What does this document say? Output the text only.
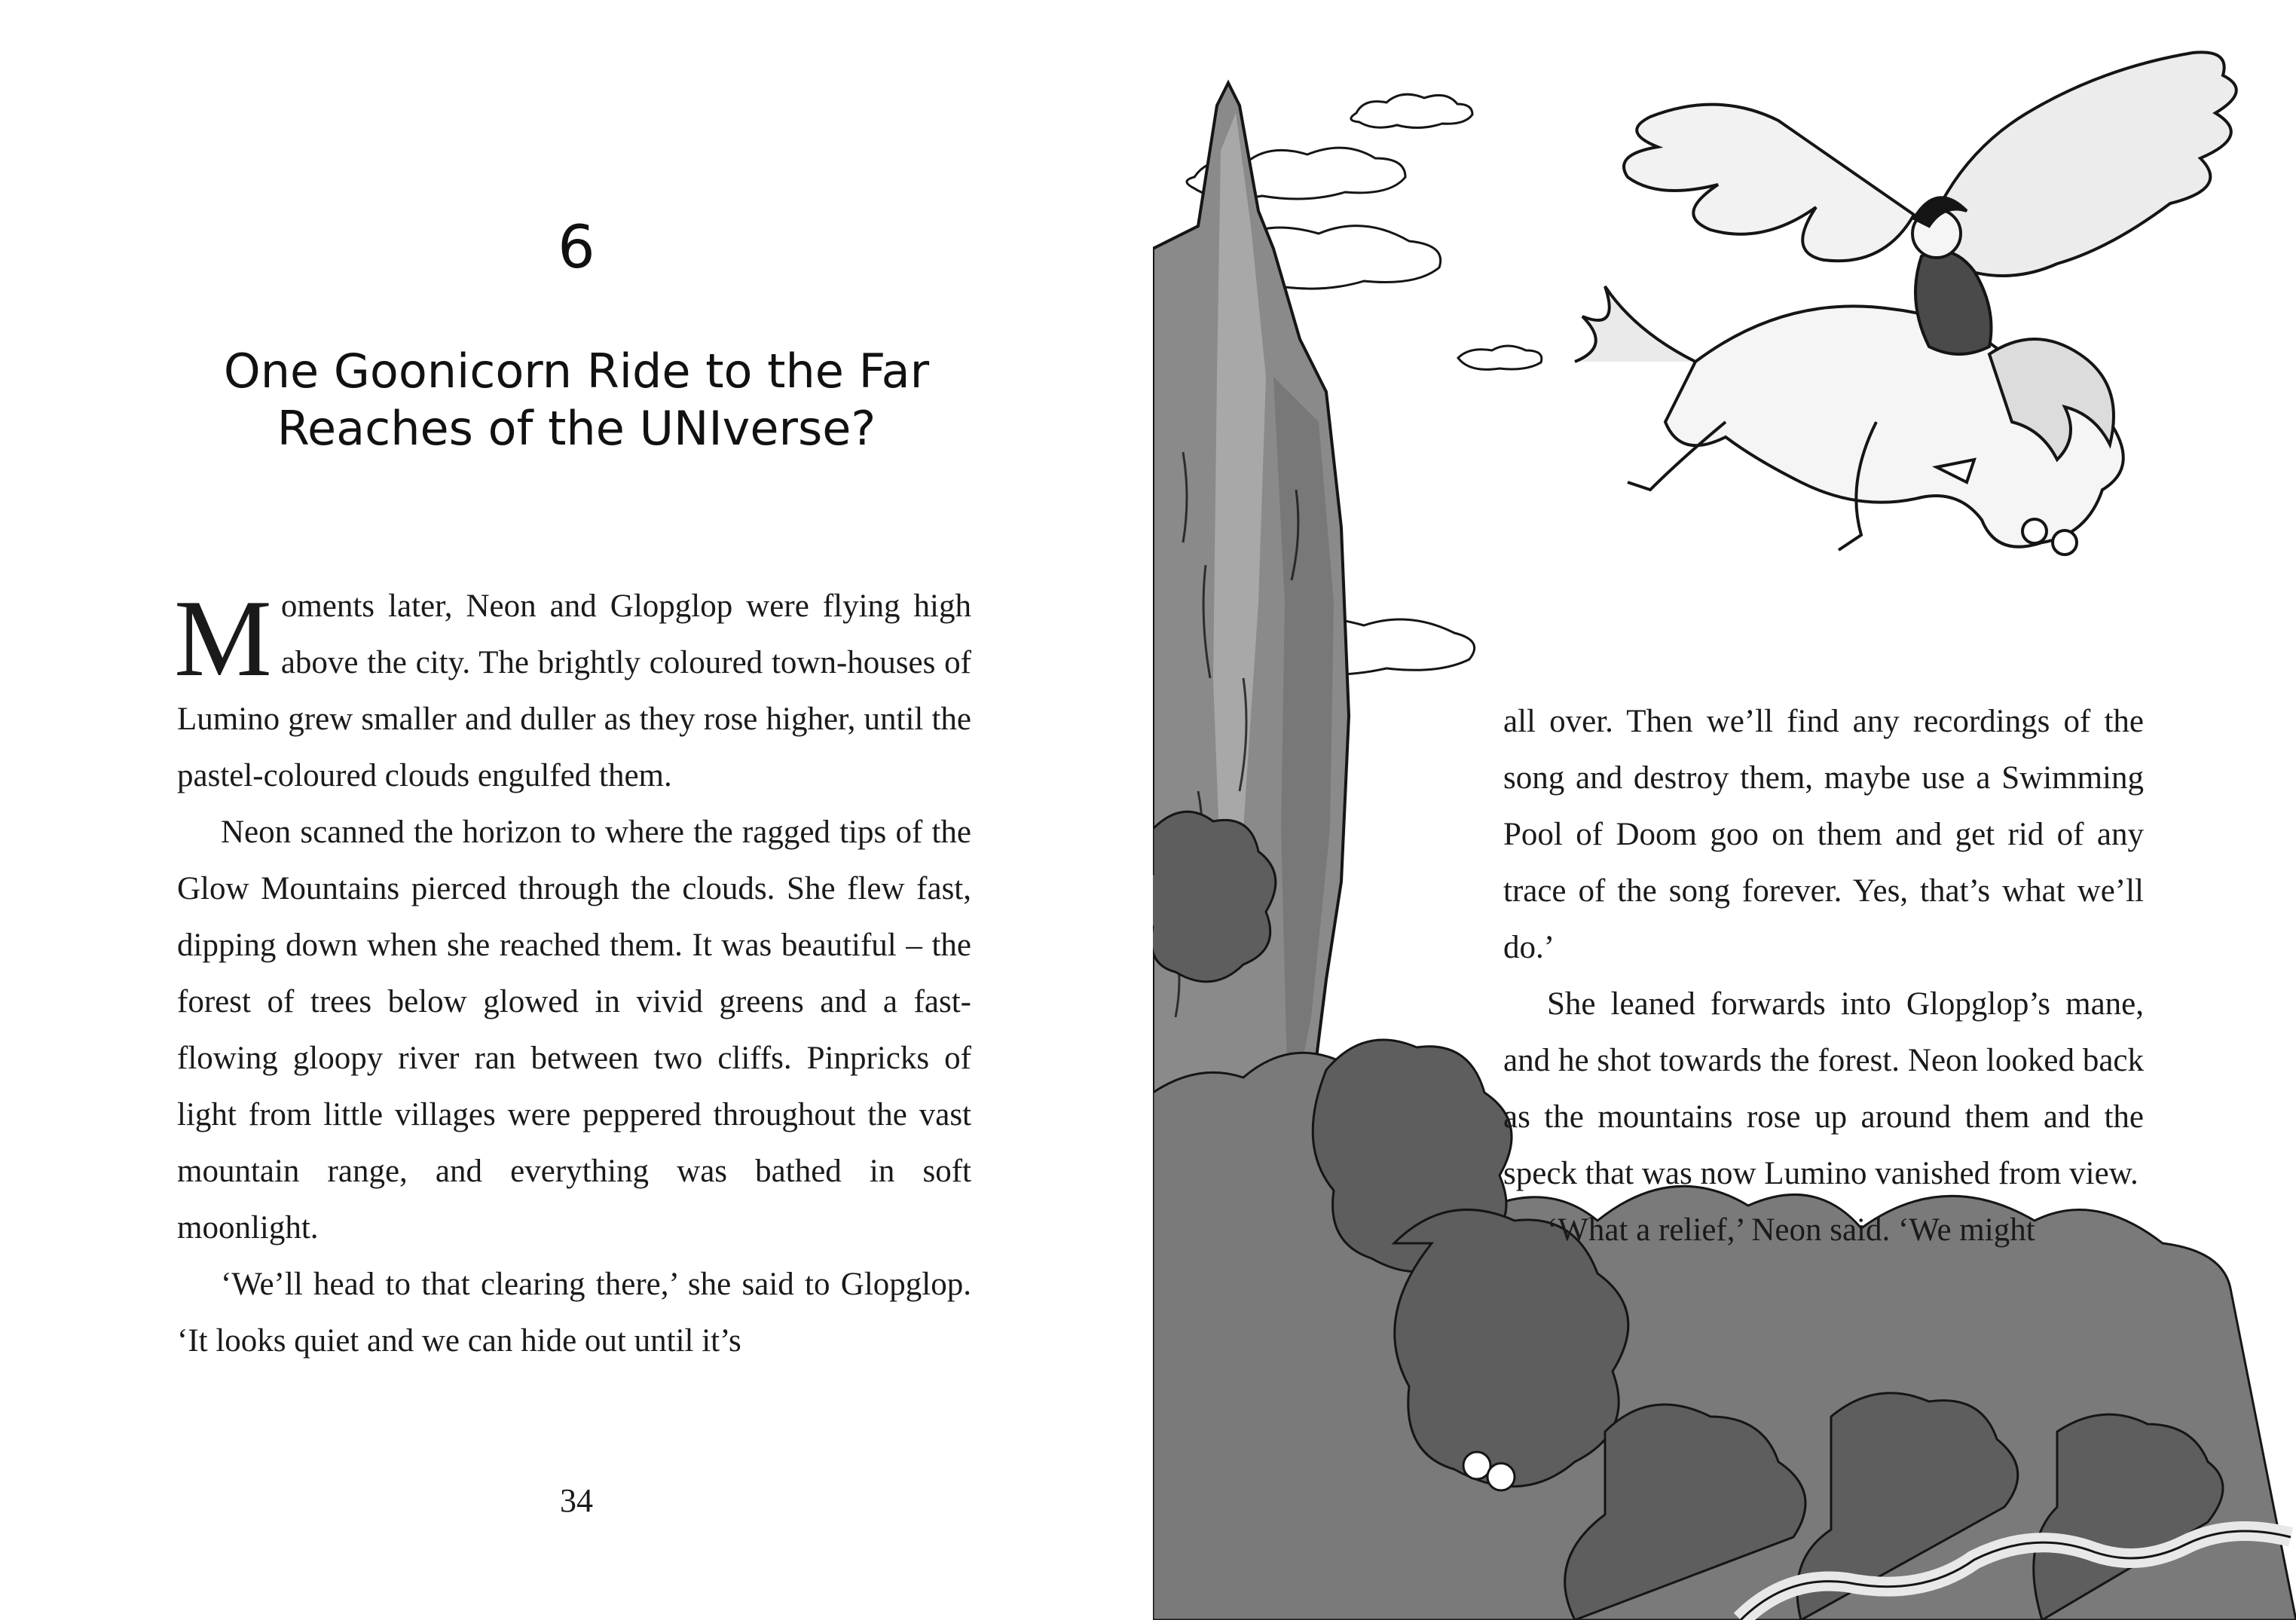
6
One Goonicorn Ride to the Far
Reaches of the UNIverse?

Moments later, Neon and Glopglop were flying high above the city. The brightly coloured town-houses of Lumino grew smaller and duller as they rose higher, until the pastel-coloured clouds engulfed them.

Neon scanned the horizon to where the ragged tips of the Glow Mountains pierced through the clouds. She flew fast, dipping down when she reached them. It was beautiful – the forest of trees below glowed in vivid greens and a fast-flowing gloopy river ran between two cliffs. Pinpricks of light from little villages were peppered throughout the vast mountain range, and everything was bathed in soft moonlight.

‘We’ll head to that clearing there,’ she said to Glopglop. ‘It looks quiet and we can hide out until it’s

34

all over. Then we’ll find any recordings of the song and destroy them, maybe use a Swimming Pool of Doom goo on them and get rid of any trace of the song forever. Yes, that’s what we’ll do.’

She leaned forwards into Glopglop’s mane, and he shot towards the forest. Neon looked back as the mountains rose up around them and the speck that was now Lumino vanished from view.

‘What a relief,’ Neon said. ‘We might
